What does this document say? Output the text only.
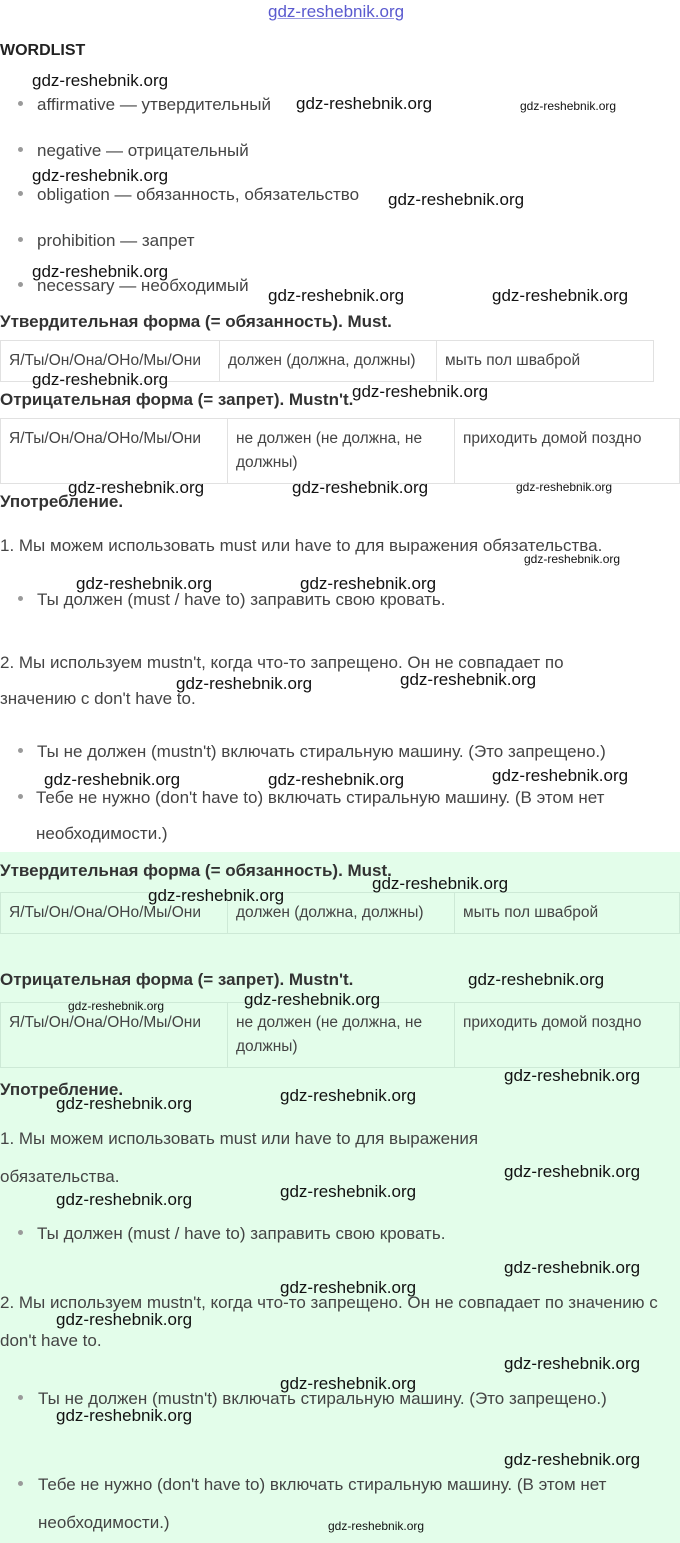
gdz-reshebnik.org
WORDLIST
affirmative — утвердительный
negative — отрицательный
obligation — обязанность, обязательство
prohibition — запрет
necessary — необходимый
Утвердительная форма (= обязанность). Must.
Я/Ты/Он/Она/ОНо/Мы/Они	должен (должна, должны)	мыть пол шваброй
Отрицательная форма (= запрет). Mustn't.
Я/Ты/Он/Она/ОНо/Мы/Они	не должен (не должна, не должны)	приходить домой поздно
Употребление.
1. Мы можем использовать must или have to для выражения обязательства.
Ты должен (must / have to) заправить свою кровать.
2. Мы используем mustn't, когда что-то запрещено. Он не совпадает по значению с don't have to.
Ты не должен (mustn't) включать стиральную машину. (Это запрещено.)
Тебе не нужно (don't have to) включать стиральную машину. (В этом нет необходимости.)
Утвердительная форма (= обязанность). Must.
Я/Ты/Он/Она/ОНо/Мы/Они	должен (должна, должны)	мыть пол шваброй
Отрицательная форма (= запрет). Mustn't.
Я/Ты/Он/Она/ОНо/Мы/Они	не должен (не должна, не должны)	приходить домой поздно
Употребление.
1. Мы можем использовать must или have to для выражения обязательства.
Ты должен (must / have to) заправить свою кровать.
2. Мы используем mustn't, когда что-то запрещено. Он не совпадает по значению с don't have to.
Ты не должен (mustn't) включать стиральную машину. (Это запрещено.)
Тебе не нужно (don't have to) включать стиральную машину. (В этом нет необходимости.)
gdz-reshebnik.org
gdz-reshebnik.org	gdz-reshebnik.org
gdz-reshebnik.org
gdz-reshebnik.org
gdz-reshebnik.org
gdz-reshebnik.org	gdz-reshebnik.org
gdz-reshebnik.org
gdz-reshebnik.org
gdz-reshebnik.org	gdz-reshebnik.org	gdz-reshebnik.org
gdz-reshebnik.org
gdz-reshebnik.org	gdz-reshebnik.org
gdz-reshebnik.org	gdz-reshebnik.org
gdz-reshebnik.org	gdz-reshebnik.org	gdz-reshebnik.org
gdz-reshebnik.org
gdz-reshebnik.org
gdz-reshebnik.org
gdz-reshebnik.org
gdz-reshebnik.org
gdz-reshebnik.org
gdz-reshebnik.org
gdz-reshebnik.org
gdz-reshebnik.org
gdz-reshebnik.org
gdz-reshebnik.org
gdz-reshebnik.org
gdz-reshebnik.org
gdz-reshebnik.org
gdz-reshebnik.org
gdz-reshebnik.org
gdz-reshebnik.org
gdz-reshebnik.org
gdz-reshebnik.org
